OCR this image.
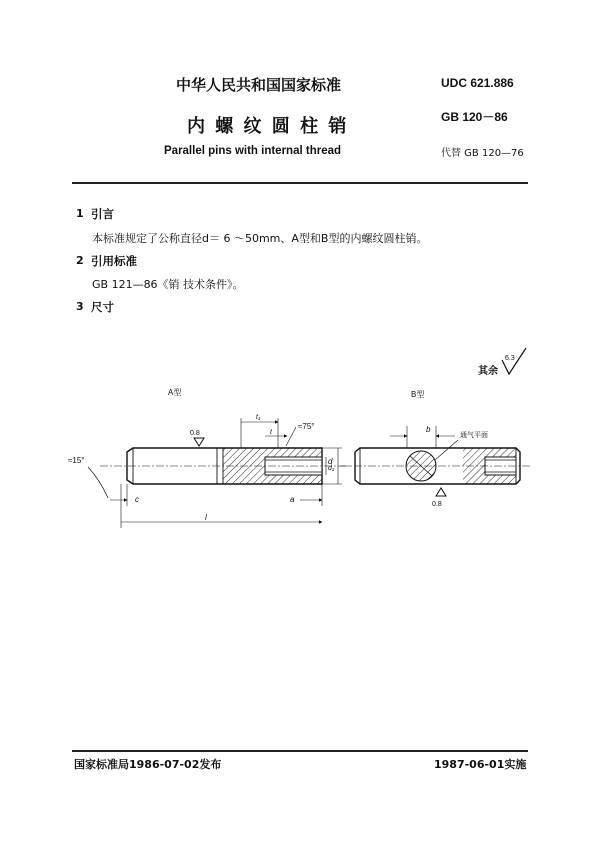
中华人民共和国国家标准	UDC 621.886
GB 120－86
内 螺 纹 圆 柱 销
Parallel pins with internal thread	代替 GB 120—76
1 引言
本标准规定了公称直径d＝ 6 ～50mm、A型和B型的内螺纹圆柱销。
2 引用标准
GB 121—86《销 技术条件》。
3 尺寸
其余
6.3
A型	B型
0.8
≈15°
t₁
t
≈75°
d₁
d
c	a
l
b
通气平面
0.8
国家标准局1986-07-02发布	1987-06-01实施
